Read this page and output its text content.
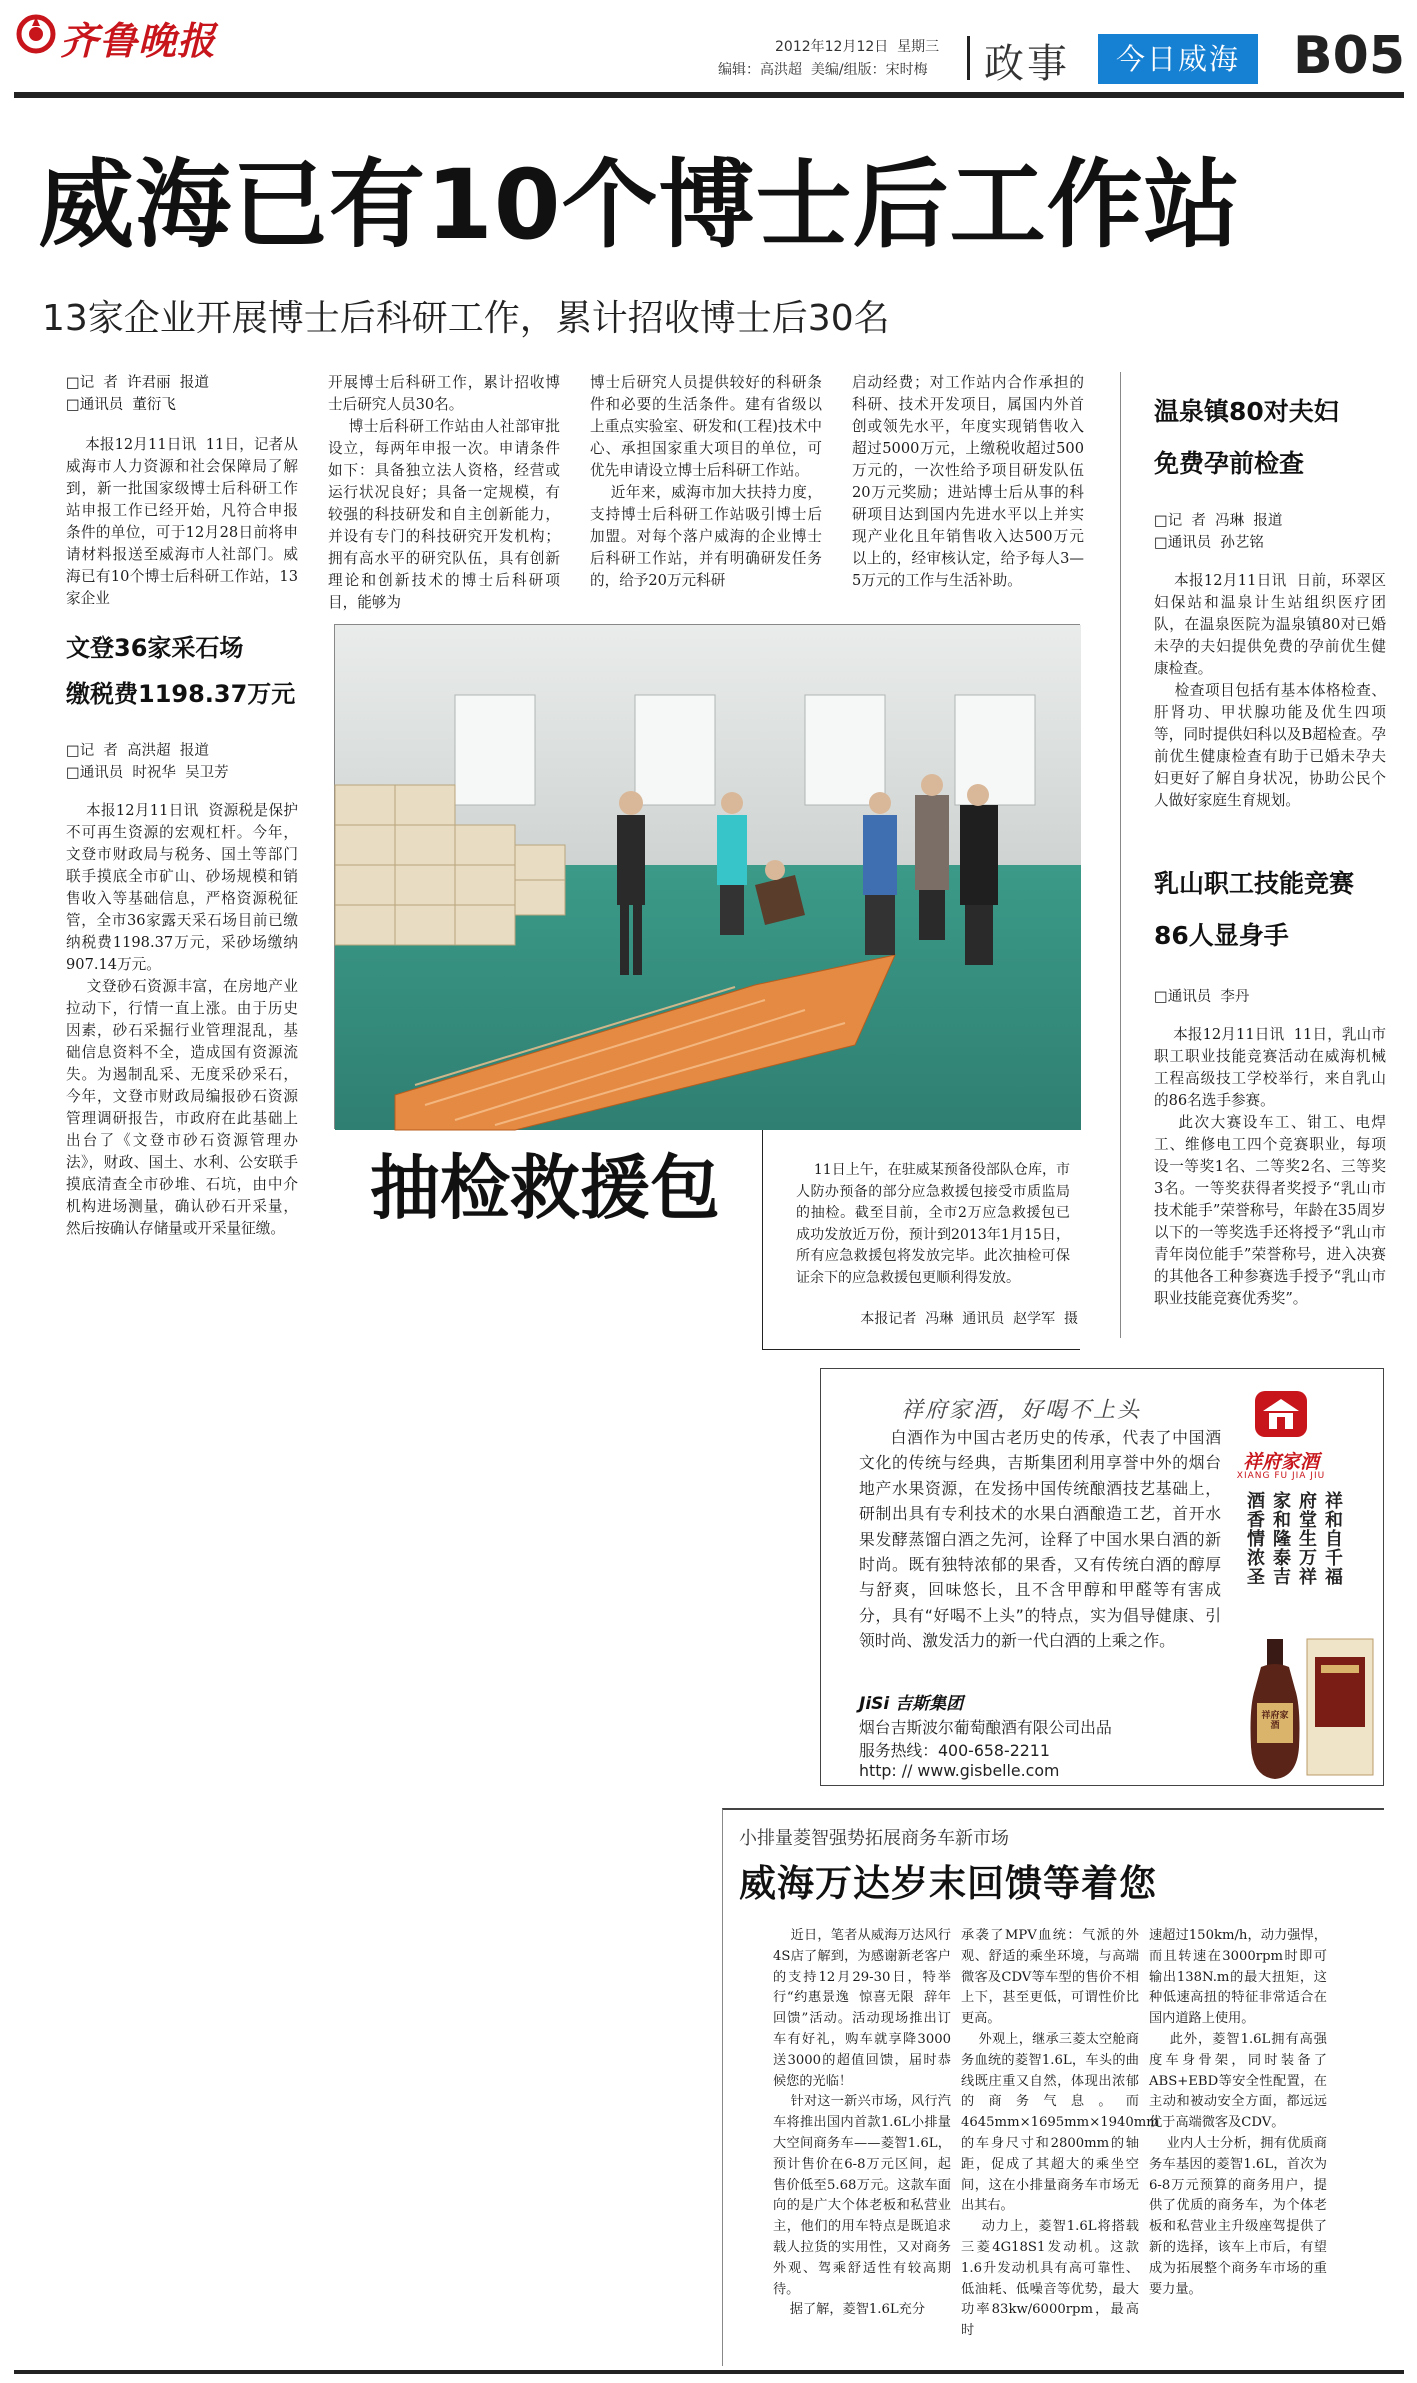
齐鲁晚报	2012年12月12日  星期三
编辑：高洪超  美编/组版：宋时梅 政事	今日威海	B05
威海已有10个博士后工作站
13家企业开展博士后科研工作，累计招收博士后30名
□记  者  许君丽  报道
□通讯员  董衍飞
本报12月11日讯  11日，记者从威海市人力资源和社会保障局了解到，新一批国家级博士后科研工作站申报工作已经开始，凡符合申报条件的单位，可于12月28日前将申请材料报送至威海市人社部门。威海已有10个博士后科研工作站，13家企业
开展博士后科研工作，累计招收博士后研究人员30名。
博士后科研工作站由人社部审批设立，每两年申报一次。申请条件如下：具备独立法人资格，经营或运行状况良好；具备一定规模，有较强的科技研发和自主创新能力，并设有专门的科技研究开发机构；拥有高水平的研究队伍，具有创新理论和创新技术的博士后科研项目，能够为
博士后研究人员提供较好的科研条件和必要的生活条件。建有省级以上重点实验室、研发和(工程)技术中心、承担国家重大项目的单位，可优先申请设立博士后科研工作站。
近年来，威海市加大扶持力度，支持博士后科研工作站吸引博士后加盟。对每个落户威海的企业博士后科研工作站，并有明确研发任务的，给予20万元科研
启动经费；对工作站内合作承担的科研、技术开发项目，属国内外首创或领先水平，年度实现销售收入超过5000万元，上缴税收超过500万元的，一次性给予项目研发队伍20万元奖励；进站博士后从事的科研项目达到国内先进水平以上并实现产业化且年销售收入达500万元以上的，经审核认定，给予每人3—5万元的工作与生活补助。
文登36家采石场
缴税费1198.37万元
□记  者  高洪超  报道
□通讯员  时祝华  吴卫芳
本报12月11日讯  资源税是保护不可再生资源的宏观杠杆。今年，文登市财政局与税务、国土等部门联手摸底全市矿山、砂场规模和销售收入等基础信息，严格资源税征管，全市36家露天采石场目前已缴纳税费1198.37万元，采砂场缴纳907.14万元。
文登砂石资源丰富，在房地产业拉动下，行情一直上涨。由于历史因素，砂石采掘行业管理混乱，基础信息资料不全，造成国有资源流失。为遏制乱采、无度采砂采石，今年，文登市财政局编报砂石资源管理调研报告，市政府在此基础上出台了《文登市砂石资源管理办法》，财政、国土、水利、公安联手摸底清查全市砂堆、石坑，由中介机构进场测量，确认砂石开采量，然后按确认存储量或开采量征缴。 抽检救援包	11日上午，在驻威某预备役部队仓库，市人防办预备的部分应急救援包接受市质监局的抽检。截至目前，全市2万应急救援包已成功发放近万份，预计到2013年1月15日，所有应急救援包将发放完毕。此次抽检可保证余下的应急救援包更顺利得发放。
本报记者  冯琳  通讯员  赵学军  摄
温泉镇80对夫妇
免费孕前检查
□记  者  冯琳  报道
□通讯员  孙艺铭
本报12月11日讯  日前，环翠区妇保站和温泉计生站组织医疗团队，在温泉医院为温泉镇80对已婚未孕的夫妇提供免费的孕前优生健康检查。
检查项目包括有基本体格检查、肝肾功、甲状腺功能及优生四项等，同时提供妇科以及B超检查。孕前优生健康检查有助于已婚未孕夫妇更好了解自身状况，协助公民个人做好家庭生育规划。
乳山职工技能竞赛
86人显身手
□通讯员  李丹
本报12月11日讯  11日，乳山市职工职业技能竞赛活动在威海机械工程高级技工学校举行，来自乳山的86名选手参赛。
此次大赛设车工、钳工、电焊工、维修电工四个竞赛职业，每项设一等奖1名、二等奖2名、三等奖3名。一等奖获得者奖授予“乳山市技术能手”荣誉称号，年龄在35周岁以下的一等奖选手还将授予“乳山市青年岗位能手”荣誉称号，进入决赛的其他各工种参赛选手授予“乳山市职业技能竞赛优秀奖”。
祥府家酒，好喝不上头
白酒作为中国古老历史的传承，代表了中国酒文化的传统与经典，吉斯集团利用享誉中外的烟台地产水果资源，在发扬中国传统酿酒技艺基础上，研制出具有专利技术的水果白酒酿造工艺，首开水果发酵蒸馏白酒之先河，诠释了中国水果白酒的新时尚。既有独特浓郁的果香，又有传统白酒的醇厚与舒爽，回味悠长，且不含甲醇和甲醛等有害成分，具有“好喝不上头”的特点，实为倡导健康、引领时尚、激发活力的新一代白酒的上乘之作。
JiSi 吉斯集团
烟台吉斯波尔葡萄酿酒有限公司出品
服务热线：400-658-2211
http: // www.gisbelle.com
祥府家酒
XIANG FU JIA JIU
祥和自千福
府堂生万祥
家和隆泰吉
酒香情浓圣
祥府家酒
小排量菱智强势拓展商务车新市场
威海万达岁末回馈等着您
近日，笔者从威海万达风行4S店了解到，为感谢新老客户的支持12月29-30日，特举行“约惠景逸  惊喜无限  辞年回馈”活动。活动现场推出订车有好礼，购车就享降3000送3000的超值回馈，届时恭候您的光临！
针对这一新兴市场，风行汽车将推出国内首款1.6L小排量大空间商务车——菱智1.6L，预计售价在6-8万元区间，起售价低至5.68万元。这款车面向的是广大个体老板和私营业主，他们的用车特点是既追求载人拉货的实用性，又对商务外观、驾乘舒适性有较高期待。
据了解，菱智1.6L充分
承袭了MPV血统：气派的外观、舒适的乘坐环境，与高端微客及CDV等车型的售价不相上下，甚至更低，可谓性价比更高。
外观上，继承三菱太空舱商务血统的菱智1.6L，车头的曲线既庄重又自然，体现出浓郁的商务气息。而4645mm×1695mm×1940mm的车身尺寸和2800mm的轴距，促成了其超大的乘坐空间，这在小排量商务车市场无出其右。
动力上，菱智1.6L将搭载三菱4G18S1发动机。这款1.6升发动机具有高可靠性、低油耗、低噪音等优势，最大功率83kw/6000rpm，最高时
速超过150km/h，动力强悍，而且转速在3000rpm时即可输出138N.m的最大扭矩，这种低速高扭的特征非常适合在国内道路上使用。
此外，菱智1.6L拥有高强度车身骨架，同时装备了ABS+EBD等安全性配置，在主动和被动安全方面，都远远优于高端微客及CDV。
业内人士分析，拥有优质商务车基因的菱智1.6L，首次为6-8万元预算的商务用户，提供了优质的商务车，为个体老板和私营业主升级座驾提供了新的选择，该车上市后，有望成为拓展整个商务车市场的重要力量。
